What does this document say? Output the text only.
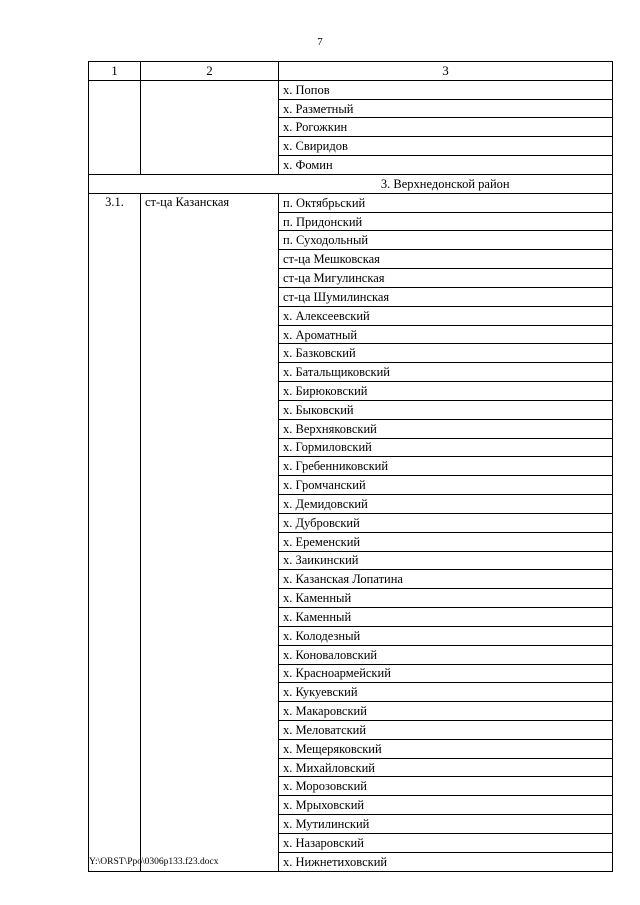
7
1	2	3
		х. Попов
		х. Разметный
		х. Рогожкин
		х. Свиридов
		х. Фомин
		3. Верхнедонской район
3.1.	ст-ца Казанская	п. Октябрьский
		п. Придонский
		п. Суходольный
		ст-ца Мешковская
		ст-ца Мигулинская
		ст-ца Шумилинская
		х. Алексеевский
		х. Ароматный
		х. Базковский
		х. Батальщиковский
		х. Бирюковский
		х. Быковский
		х. Верхняковский
		х. Гормиловский
		х. Гребенниковский
		х. Громчанский
		х. Демидовский
		х. Дубровский
		х. Еременский
		х. Заикинский
		х. Казанская Лопатина
		х. Каменный
		х. Каменный
		х. Колодезный
		х. Коноваловский
		х. Красноармейский
		х. Кукуевский
		х. Макаровский
		х. Меловатский
		х. Мещеряковский
		х. Михайловский
		х. Морозовский
		х. Мрыховский
		х. Мутилинский
		х. Назаровский
		х. Нижнетиховский
Y:\ORST\Ppo\0306p133.f23.docx
